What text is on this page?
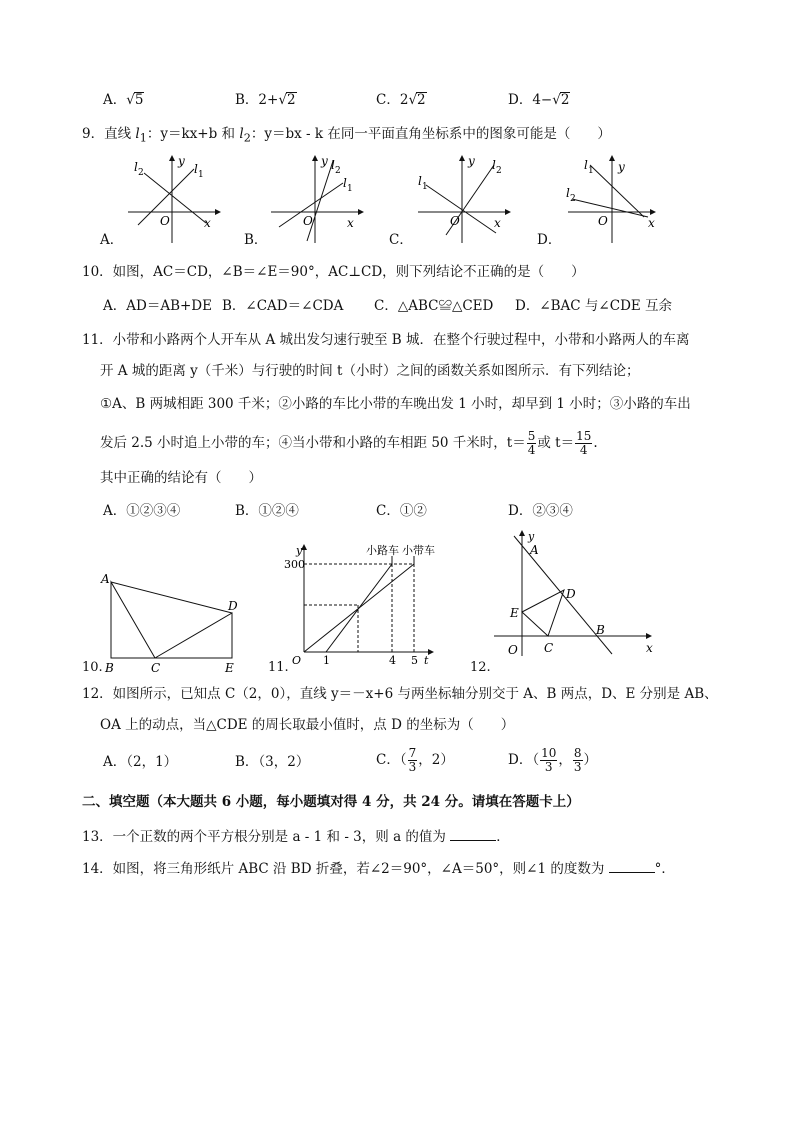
A．√5	B．2+√2	C．2√2	D．4−√2
9．直线 $l_1$：y＝kx+b 和 $l_2$：y＝bx - k 在同一平面直角坐标系中的图象可能是（　　）
l 2	l 1
y
O	x
A．
l 2
l 1
y
O	x
B．
l 1
l 2
y
O	x
C．
l 1
l 2
y
O	x
D．
10．如图，AC＝CD，∠B＝∠E＝90°，AC⊥CD，则下列结论不正确的是（　　）
A．AD＝AB+DE B．∠CAD＝∠CDA C．△ABC≌△CED D．∠BAC 与∠CDE 互余
11．小带和小路两个人开车从 A 城出发匀速行驶至 B 城．在整个行驶过程中，小带和小路两人的车离
开 A 城的距离 y（千米）与行驶的时间 t（小时）之间的函数关系如图所示．有下列结论；
①A、B 两城相距 300 千米；②小路的车比小带的车晚出发 1 小时，却早到 1 小时；③小路的车出
发后 2.5 小时追上小带的车；④当小带和小路的车相距 50 千米时，$t= \frac{5}{4}$ 或 $t= \frac{15}{4}$ .
其中正确的结论有（　　）
A．①②③④	B．①②④	C．①②	D．②③④
A
B	C
D
E
10.
y
300
O 1	4 5 t
小路车 小带车
11.
y
A
E
D
B
C
O	x
12.
12．如图所示，已知点 C（2，0），直线 y＝－x+6 与两坐标轴分别交于 A、B 两点，D、E 分别是 AB、
OA 上的动点，当△CDE 的周长取最小值时，点 D 的坐标为（　　）
A．（2，1）	B．（3，2）	C．（ $\frac{7}{3}$ ，2）	D．（ $\frac{10}{3}$ ， $\frac{8}{3}$ ）
二、填空题（本大题共 6 小题，每小题填对得 4 分，共 24 分。请填在答题卡上）
13．一个正数的两个平方根分别是 a - 1 和 - 3，则 a 的值为	．
14．如图，将三角形纸片 ABC 沿 BD 折叠，若∠2＝90°，∠A＝50°，则∠1 的度数为	°．
